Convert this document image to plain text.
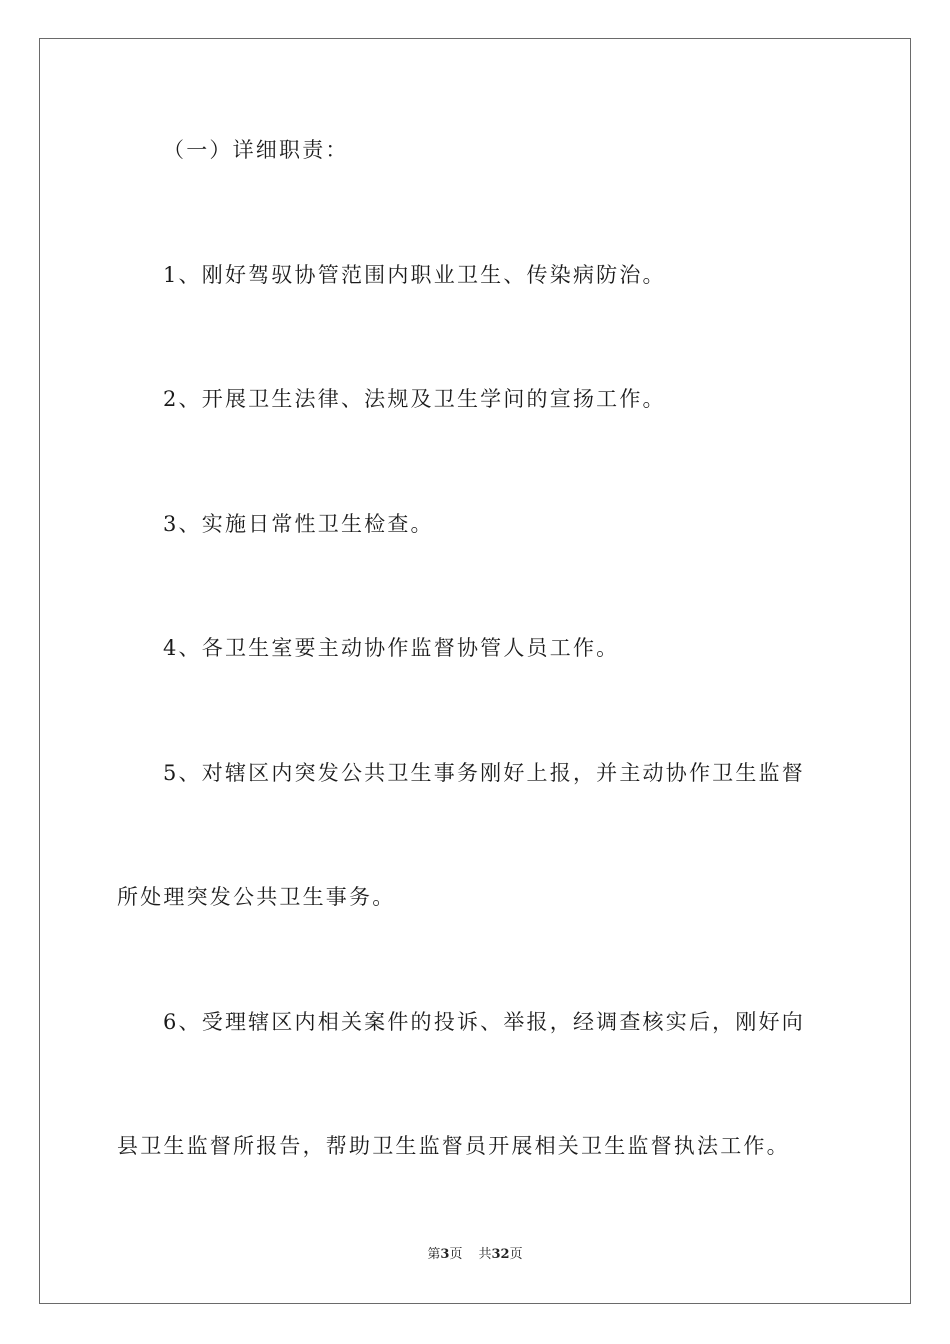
（一）详细职责：
1、刚好驾驭协管范围内职业卫生、传染病防治。
2、开展卫生法律、法规及卫生学问的宣扬工作。
3、实施日常性卫生检查。
4、各卫生室要主动协作监督协管人员工作。
5、对辖区内突发公共卫生事务刚好上报，并主动协作卫生监督
所处理突发公共卫生事务。
6、受理辖区内相关案件的投诉、举报，经调查核实后，刚好向
县卫生监督所报告，帮助卫生监督员开展相关卫生监督执法工作。
第3页 共32页
